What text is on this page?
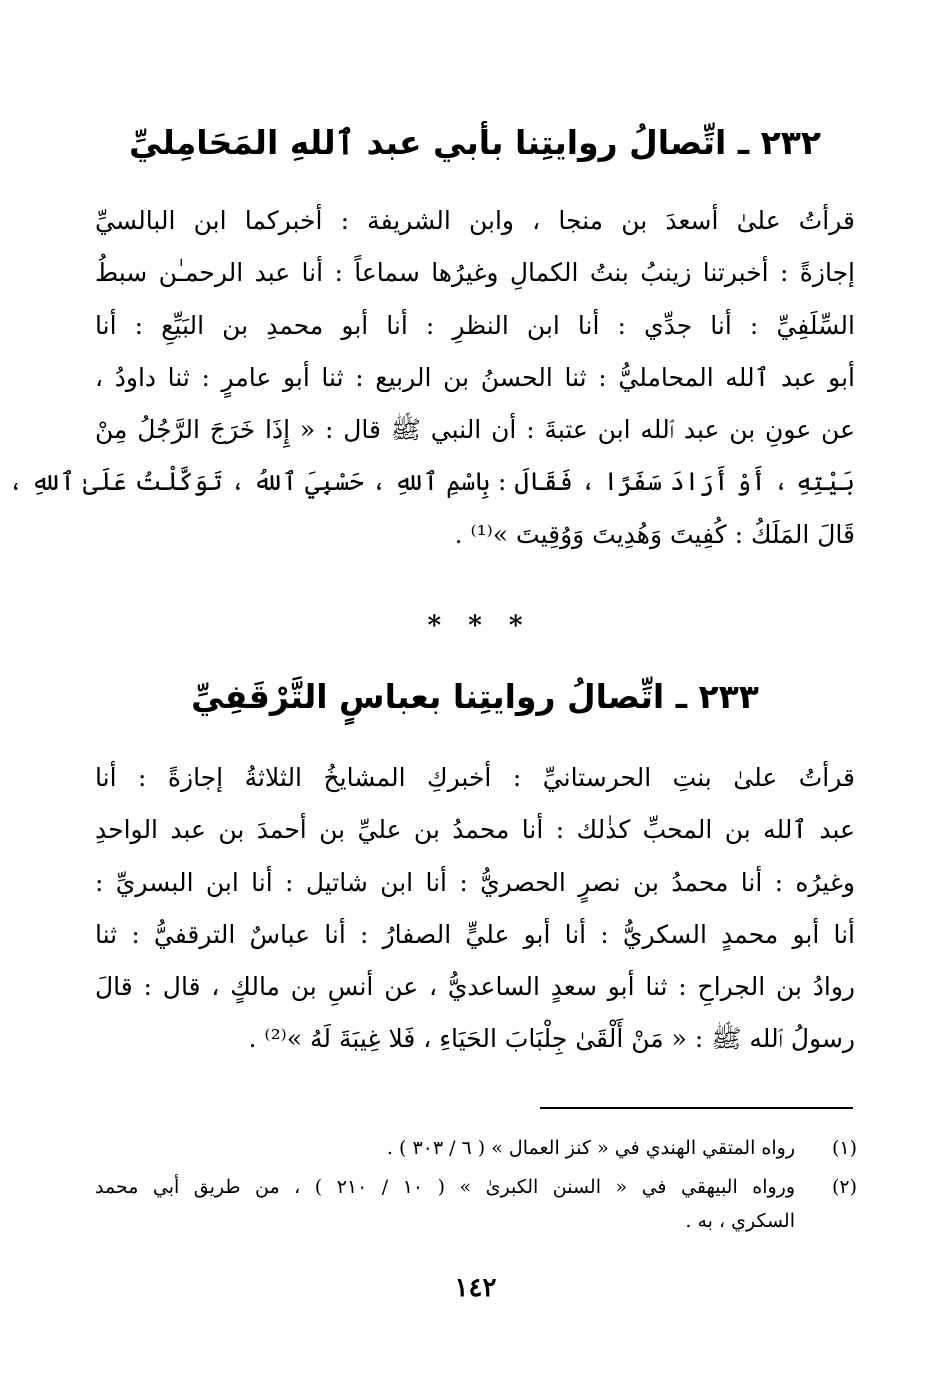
٢٣٢ ـ اتِّصالُ روايتِنا بأبي عبد ٱللهِ المَحَامِليِّ
قرأتُ علىٰ أسعدَ بن منجا ، وابن الشريفة : أخبركما ابن البالسيِّ
إجازةً : أخبرتنا زينبُ بنتُ الكمالِ وغيرُها سماعاً : أنا عبد الرحمـٰن سبطُ
السِّلَفِيِّ : أنا جدِّي : أنا ابن النظرِ : أنا أبو محمدِ بن البَيِّعِ : أنا
أبو عبد ٱلله المحامليُّ : ثنا الحسنُ بن الربيع : ثنا أبو عامرٍ : ثنا داودُ ،
عن عونِ بن عبد ٱلله ابن عتبةَ : أن النبي ﷺ قال : « إِذَا خَرَجَ الرَّجُلُ مِنْ
بَيْتِهِ ، أَوْ أَرَادَ سَفَرًا ، فَقَالَ : بِاسْمِ ٱللهِ ، حَسْبِيَ ٱللهُ ، تَوَكَّلْتُ عَلَىٰ ٱللهِ ،
قَالَ المَلَكُ : كُفِيتَ وَهُدِيتَ وَوُقِيتَ »⁽¹⁾ .
* * *
٢٣٣ ـ اتِّصالُ روايتِنا بعباسٍ التَّرْقَفِيِّ
قرأتُ علىٰ بنتِ الحرستانيِّ : أخبركِ المشايخُ الثلاثةُ إجازةً : أنا
عبد ٱلله بن المحبِّ كذٰلك : أنا محمدُ بن عليِّ بن أحمدَ بن عبد الواحدِ
وغيرُه : أنا محمدُ بن نصرٍ الحصريُّ : أنا ابن شاتيل : أنا ابن البسريِّ :
أنا أبو محمدٍ السكريُّ : أنا أبو عليٍّ الصفارُ : أنا عباسٌ الترقفيُّ : ثنا
روادُ بن الجراحِ : ثنا أبو سعدٍ الساعديُّ ، عن أنسِ بن مالكٍ ، قال : قالَ
رسولُ ٱلله ﷺ : « مَنْ أَلْقَىٰ جِلْبَابَ الحَيَاءِ ، فَلا غِيبَةَ لَهُ »⁽²⁾ .
(١)
رواه المتقي الهندي في « كنز العمال » ( ٦ / ٣٠٣ ) .
(٢)
ورواه البيهقي في « السنن الكبرىٰ » ( ١٠ / ٢١٠ ) ، من طريق أبي محمد
السكري ، به .
١٤٢
